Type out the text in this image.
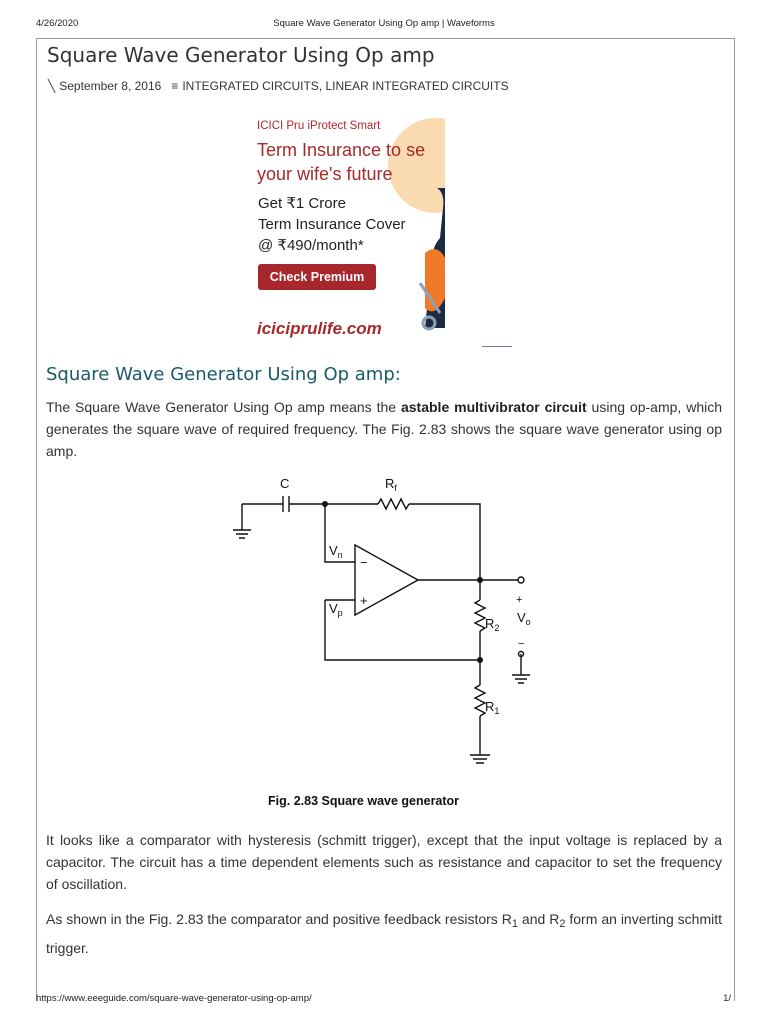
4/26/2020	Square Wave Generator Using Op amp | Waveforms
Square Wave Generator Using Op amp
╲ September 8, 2016 ≡ INTEGRATED CIRCUITS, LINEAR INTEGRATED CIRCUITS
ICICI Pru iProtect Smart
Term Insurance to se
your wife's future
Get ₹1 Crore
Term Insurance Cover
@ ₹490/month*
Check Premium
iciciprulife.com
Square Wave Generator Using Op amp:

The Square Wave Generator Using Op amp means the astable multivibrator circuit using op-amp, which generates the square wave of required frequency. The Fig. 2.83 shows the square wave generator using op amp.

C	$R_f$
$V_n$
$V_p$
−
+
$R_2$
$R_1$
+
$V_o$
−
Fig. 2.83 Square wave generator

It looks like a comparator with hysteresis (schmitt trigger), except that the input voltage is replaced by a capacitor. The circuit has a time dependent elements such as resistance and capacitor to set the frequency of oscillation.

As shown in the Fig. 2.83 the comparator and positive feedback resistors $R_1$ and $R_2$ form an inverting schmitt trigger.

https://www.eeeguide.com/square-wave-generator-using-op-amp/	1/
